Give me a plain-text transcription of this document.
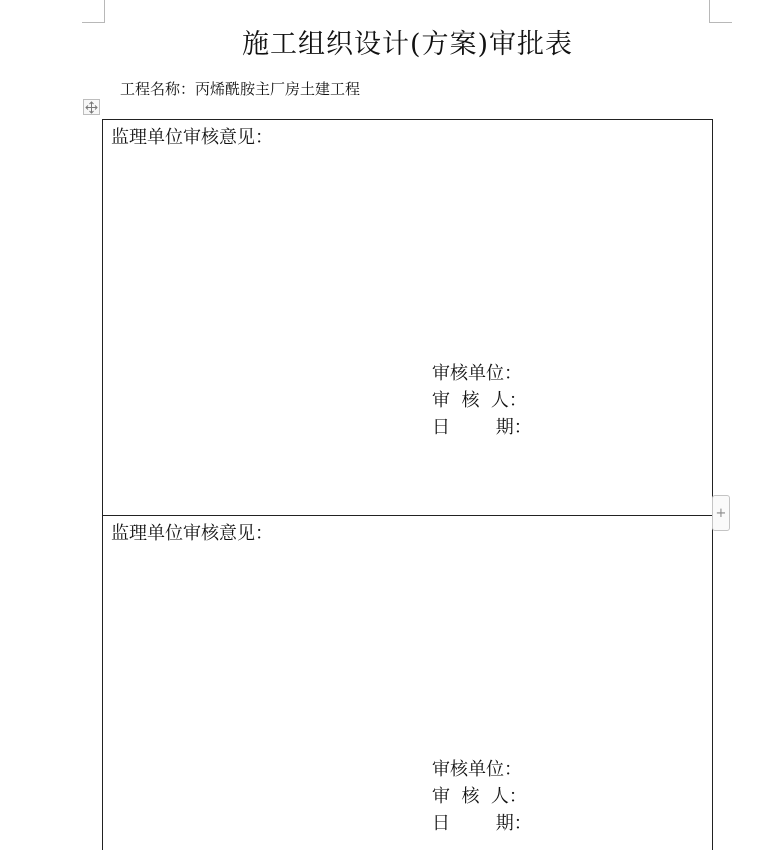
施工组织设计(方案)审批表
工程名称：丙烯酰胺主厂房土建工程
监理单位审核意见：
审核单位：
审  核  人：
日        期：
监理单位审核意见：
审核单位：
审  核  人：
日        期：
+
